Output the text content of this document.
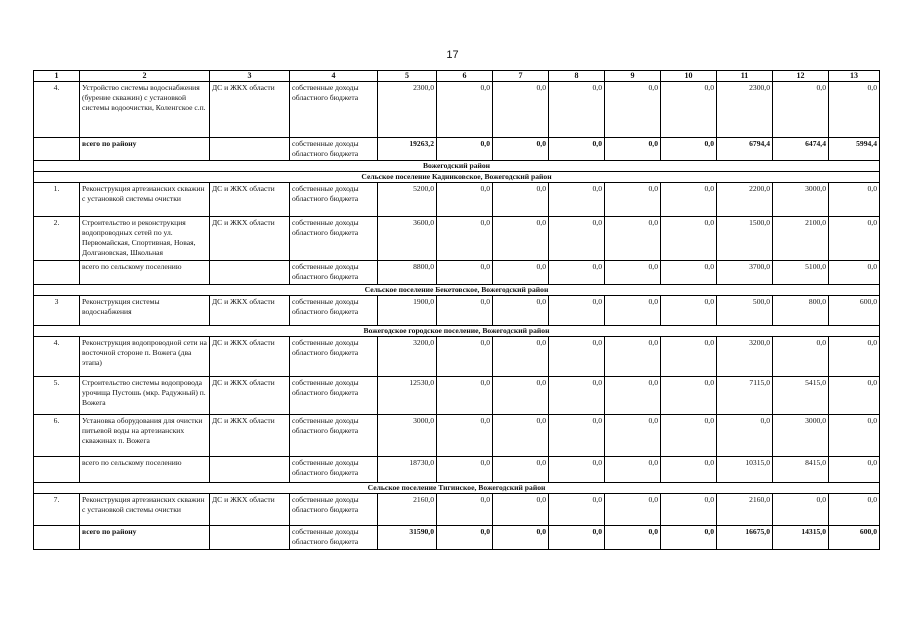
17
1	2	3	4	5	6	7	8	9	10	11	12	13
4.	Устройство системы водоснабжения (бурение скважин) с установкой системы водоочистки, Коленгское с.п.	ДС и ЖКХ области	собственные доходы областного бюджета	2300,0	0,0	0,0	0,0	0,0	0,0	2300,0	0,0	0,0
	всего по району		собственные доходы областного бюджета	19263,2	0,0	0,0	0,0	0,0	0,0	6794,4	6474,4	5994,4
Вожегодский район												
Сельское поселение Кадниковское, Вожегодский район												
1.	Реконструкция артезианских скважин с установкой системы очистки	ДС и ЖКХ области	собственные доходы областного бюджета	5200,0	0,0	0,0	0,0	0,0	0,0	2200,0	3000,0	0,0
2.	Строительство и реконструкция водопроводных сетей по ул. Первомайская, Спортивная, Новая, Долгановская, Школьная	ДС и ЖКХ области	собственные доходы областного бюджета	3600,0	0,0	0,0	0,0	0,0	0,0	1500,0	2100,0	0,0
	всего по сельскому поселению		собственные доходы областного бюджета	8800,0	0,0	0,0	0,0	0,0	0,0	3700,0	5100,0	0,0
Сельское поселение Бекетовское, Вожегодский район												
3	Реконструкция системы водоснабжения	ДС и ЖКХ области	собственные доходы областного бюджета	1900,0	0,0	0,0	0,0	0,0	0,0	500,0	800,0	600,0
Вожегодское городское поселение, Вожегодский район												
4.	Реконструкция водопроводной сети на восточной стороне п. Вожега (два этапа)	ДС и ЖКХ области	собственные доходы областного бюджета	3200,0	0,0	0,0	0,0	0,0	0,0	3200,0	0,0	0,0
5.	Строительство системы водопровода урочища Пустошь (мкр. Радужный) п. Вожега	ДС и ЖКХ области	собственные доходы областного бюджета	12530,0	0,0	0,0	0,0	0,0	0,0	7115,0	5415,0	0,0
6.	Установка оборудования для очистки питьевой воды на артезианских скважинах п. Вожега	ДС и ЖКХ области	собственные доходы областного бюджета	3000,0	0,0	0,0	0,0	0,0	0,0	0,0	3000,0	0,0
	всего по сельскому поселению		собственные доходы областного бюджета	18730,0	0,0	0,0	0,0	0,0	0,0	10315,0	8415,0	0,0
Сельское поселение Тигинское, Вожегодский район												
7.	Реконструкция артезианских скважин с установкой системы очистки	ДС и ЖКХ области	собственные доходы областного бюджета	2160,0	0,0	0,0	0,0	0,0	0,0	2160,0	0,0	0,0
	всего по району		собственные доходы областного бюджета	31590,0	0,0	0,0	0,0	0,0	0,0	16675,0	14315,0	600,0
